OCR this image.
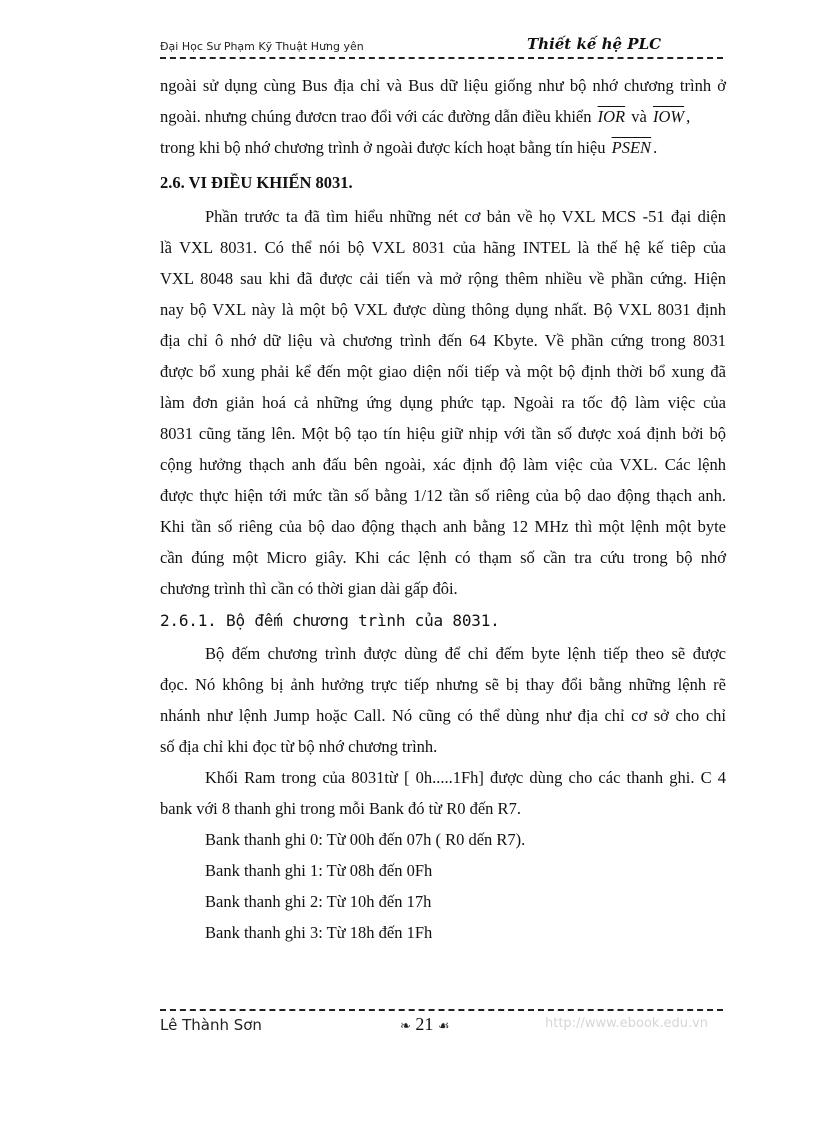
Đại Học Sư Phạm Kỹ Thuật Hưng yên	Thiết kế hệ PLC
ngoài sử dụng cùng Bus địa chỉ và Bus dữ liệu giống như bộ nhớ chương trình ở
ngoài. nhưng chúng đươcn trao đổi với các đường dẫn điều khiển $\overline{IOR}$ và $\overline{IOW}$ ,
trong khi bộ nhớ chương trình ở ngoài được kích hoạt bằng tín hiệu PSEN .
2.6. VI ĐIỀU KHIỂN 8031.
Phần trước ta đã tìm hiểu những nét cơ bản về họ VXL MCS -51 đại diện
lầ VXL 8031. Có thể nói bộ VXL 8031 của hãng INTEL là thế hệ kế tiêp của
VXL 8048 sau khi đã được cải tiến và mở rộng thêm nhiều về phần cứng. Hiện
nay bộ VXL này là một bộ VXL được dùng thông dụng nhất. Bộ VXL 8031 định
địa chỉ ô nhớ dữ liệu và chương trình đến 64 Kbyte. Về phần cứng trong 8031
được bổ xung phải kể đến một giao diện nối tiếp và một bộ định thời bổ xung đã
làm đơn giản hoá cả những ứng dụng phức tạp. Ngoài ra tốc độ làm việc của
8031 cũng tăng lên. Một bộ tạo tín hiệu giữ nhịp với tần số được xoá định bởi bộ
cộng hưởng thạch anh đấu bên ngoài, xác định độ làm việc của VXL. Các lệnh
được thực hiện tới mức tần số bằng 1/12 tần số riêng của bộ dao động thạch anh.
Khi tần số riêng của bộ dao động thạch anh bằng 12 MHz thì một lệnh một byte
cần đúng một Micro giây. Khi các lệnh có thạm số cần tra cứu trong bộ nhớ
chương trình thì cần có thời gian dài gấp đôi.
2.6.1. Bộ đếm chương trình của 8031.
Bộ đếm chương trình được dùng để chỉ đếm byte lệnh tiếp theo sẽ được
đọc. Nó không bị ảnh hưởng trực tiếp nhưng sẽ bị thay đổi bằng những lệnh rẽ
nhánh như lệnh Jump hoặc Call. Nó cũng có thể dùng như địa chỉ cơ sở cho chỉ
số địa chỉ khi đọc từ bộ nhớ chương trình.
Khối Ram trong của 8031từ [ 0h.....1Fh] được dùng cho các thanh ghi. C 4
bank với 8 thanh ghi trong mỗi Bank đó từ R0 đến R7.
Bank thanh ghi 0: Từ 00h đến 07h ( R0 dến R7).
Bank thanh ghi 1: Từ 08h đến 0Fh
Bank thanh ghi 2: Từ 10h đến 17h
Bank thanh ghi 3: Từ 18h đến 1Fh
Lê Thành Sơn	❧ 21 ☙	http://www.ebook.edu.vn
